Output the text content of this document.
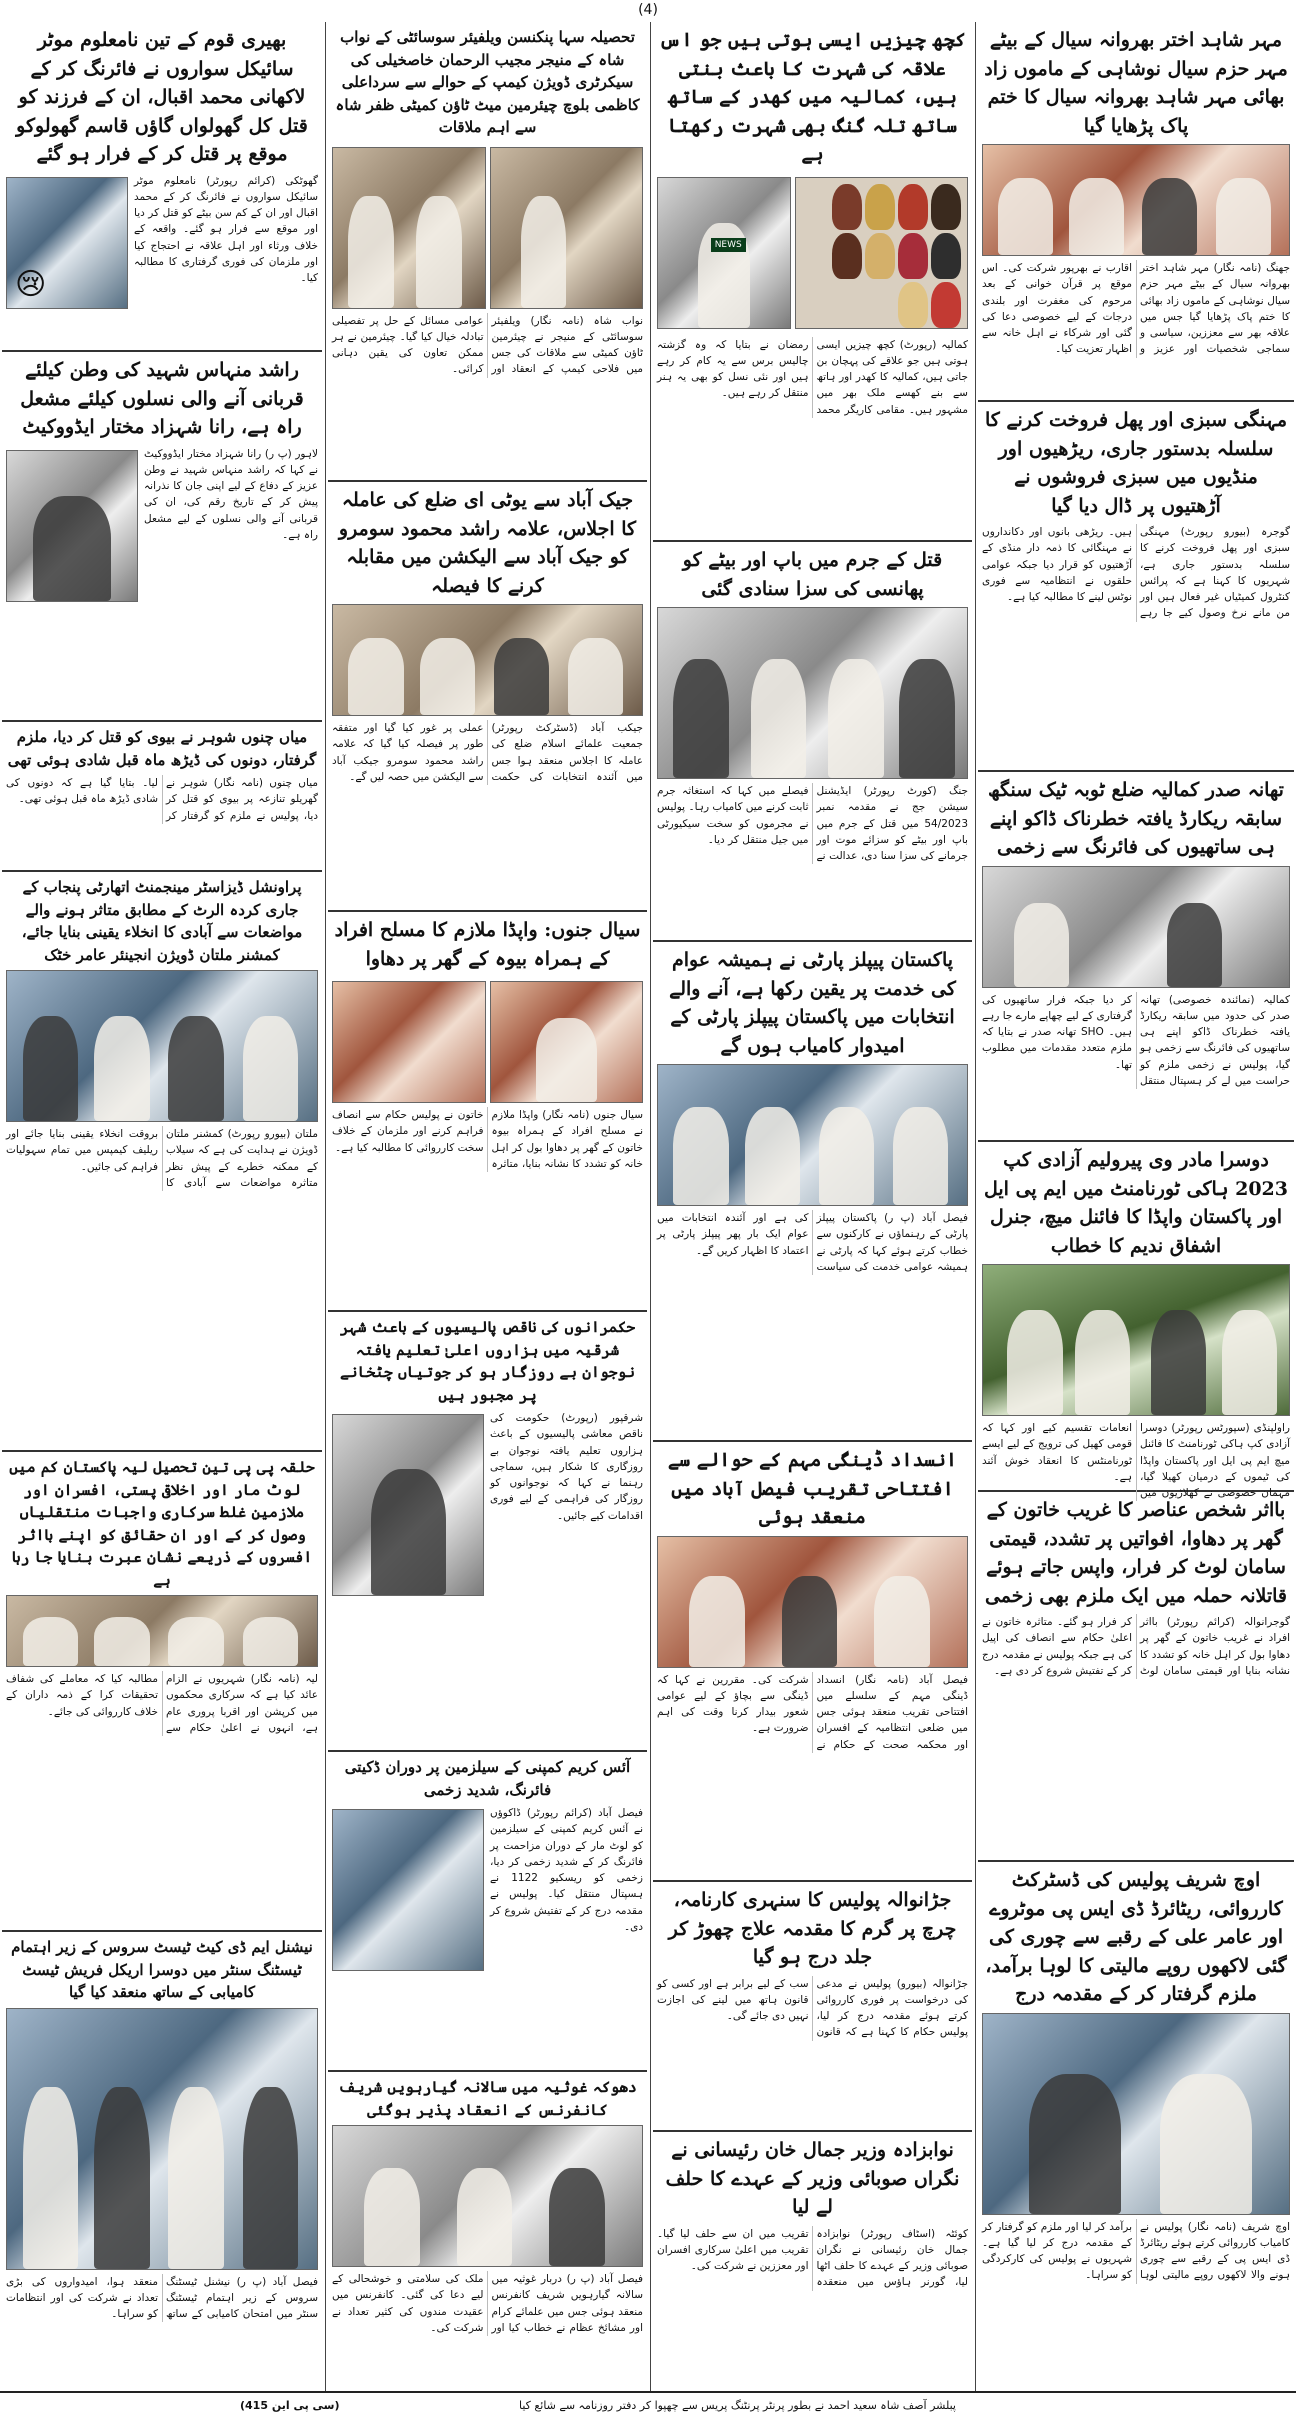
(4)
مہر شاہد اختر بھروانہ سیال کے بیٹے مہر حزم سیال نوشاہی کے ماموں زاد بھائی مہر شاہد بھروانہ سیال کا ختم پاک پڑھایا گیا
جھنگ (نامہ نگار) مہر شاہد اختر بھروانہ سیال کے بیٹے مہر حزم سیال نوشاہی کے ماموں زاد بھائی کا ختم پاک پڑھایا گیا جس میں علاقہ بھر سے معززین، سیاسی و سماجی شخصیات اور عزیز و اقارب نے بھرپور شرکت کی۔ اس موقع پر قرآن خوانی کے بعد مرحوم کی مغفرت اور بلندی درجات کے لیے خصوصی دعا کی گئی اور شرکاء نے اہل خانہ سے اظہار تعزیت کیا۔
مہنگی سبزی اور پھل فروخت کرنے کا سلسلہ بدستور جاری، ریڑھیوں اور منڈیوں میں سبزی فروشوں نے آڑھتیوں پر ڈال دیا گیا
گوجرہ (بیورو رپورٹ) مہنگی سبزی اور پھل فروخت کرنے کا سلسلہ بدستور جاری ہے، شہریوں کا کہنا ہے کہ پرائس کنٹرول کمیٹیاں غیر فعال ہیں اور من مانے نرخ وصول کیے جا رہے ہیں۔ ریڑھی بانوں اور دکانداروں نے مہنگائی کا ذمہ دار منڈی کے آڑھتیوں کو قرار دیا جبکہ عوامی حلقوں نے انتظامیہ سے فوری نوٹس لینے کا مطالبہ کیا ہے۔
تھانہ صدر کمالیہ ضلع ٹوبہ ٹیک سنگھ سابقہ ریکارڈ یافتہ خطرناک ڈاکو اپنے ہی ساتھیوں کی فائرنگ سے زخمی
کمالیہ (نمائندہ خصوصی) تھانہ صدر کی حدود میں سابقہ ریکارڈ یافتہ خطرناک ڈاکو اپنے ہی ساتھیوں کی فائرنگ سے زخمی ہو گیا، پولیس نے زخمی ملزم کو حراست میں لے کر ہسپتال منتقل کر دیا جبکہ فرار ساتھیوں کی گرفتاری کے لیے چھاپے مارے جا رہے ہیں۔ SHO تھانہ صدر نے بتایا کہ ملزم متعدد مقدمات میں مطلوب تھا۔
دوسرا مادر وی پیرولیم آزادی کپ 2023 ہاکی ٹورنامنٹ میں ایم پی ایل اور پاکستان واپڈا کا فائنل میچ، جنرل اشفاق ندیم کا خطاب
راولپنڈی (سپورٹس رپورٹر) دوسرا آزادی کپ ہاکی ٹورنامنٹ کا فائنل میچ ایم پی ایل اور پاکستان واپڈا کی ٹیموں کے درمیان کھیلا گیا، مہمان خصوصی نے کھلاڑیوں میں انعامات تقسیم کیے اور کہا کہ قومی کھیل کی ترویج کے لیے ایسے ٹورنامنٹس کا انعقاد خوش آئند ہے۔
بااثر شخص عناصر کا غریب خاتون کے گھر پر دھاوا، افواتیں پر تشدد، قیمتی سامان لوٹ کر فرار، واپس جاتے ہوئے قاتلانہ حملہ میں ایک ملزم بھی زخمی
گوجرانوالہ (کرائم رپورٹر) بااثر افراد نے غریب خاتون کے گھر پر دھاوا بول کر اہل خانہ کو تشدد کا نشانہ بنایا اور قیمتی سامان لوٹ کر فرار ہو گئے۔ متاثرہ خاتون نے اعلیٰ حکام سے انصاف کی اپیل کی ہے جبکہ پولیس نے مقدمہ درج کر کے تفتیش شروع کر دی ہے۔
اوچ شریف پولیس کی ڈسٹرکٹ کارروائی، ریٹائرڈ ڈی ایس پی موٹروے اور عامر علی کے رقبے سے چوری کی گئی لاکھوں روپے مالیتی کا لوہا برآمد، ملزم گرفتار کر کے مقدمہ درج
اوچ شریف (نامہ نگار) پولیس نے کامیاب کارروائی کرتے ہوئے ریٹائرڈ ڈی ایس پی کے رقبے سے چوری ہونے والا لاکھوں روپے مالیتی لوہا برآمد کر لیا اور ملزم کو گرفتار کر کے مقدمہ درج کر لیا گیا ہے۔ شہریوں نے پولیس کی کارکردگی کو سراہا۔
کچھ چیزیں ایسی ہوتی ہیں جو اس علاقہ کی شہرت کا باعث بنتی ہیں، کمالیہ میں کھدر کے ساتھ ساتھ تلہ گنگ بھی شہرت رکھتا ہے
NEWS
کمالیہ (رپورٹ) کچھ چیزیں ایسی ہوتی ہیں جو علاقے کی پہچان بن جاتی ہیں، کمالیہ کا کھدر اور ہاتھ سے بنے کھسے ملک بھر میں مشہور ہیں۔ مقامی کاریگر محمد رمضان نے بتایا کہ وہ گزشتہ چالیس برس سے یہ کام کر رہے ہیں اور نئی نسل کو بھی یہ ہنر منتقل کر رہے ہیں۔
قتل کے جرم میں باپ اور بیٹے کو پھانسی کی سزا سنادی گئی
جنگ (کورٹ رپورٹر) ایڈیشنل سیشن جج نے مقدمہ نمبر 54/2023 میں قتل کے جرم میں باپ اور بیٹے کو سزائے موت اور جرمانے کی سزا سنا دی، عدالت نے فیصلے میں کہا کہ استغاثہ جرم ثابت کرنے میں کامیاب رہا۔ پولیس نے مجرموں کو سخت سیکیورٹی میں جیل منتقل کر دیا۔
پاکستان پیپلز پارٹی نے ہمیشہ عوام کی خدمت پر یقین رکھا ہے، آنے والے انتخابات میں پاکستان پیپلز پارٹی کے امیدوار کامیاب ہوں گے
فیصل آباد (پ ر) پاکستان پیپلز پارٹی کے رہنماؤں نے کارکنوں سے خطاب کرتے ہوئے کہا کہ پارٹی نے ہمیشہ عوامی خدمت کی سیاست کی ہے اور آئندہ انتخابات میں عوام ایک بار پھر پیپلز پارٹی پر اعتماد کا اظہار کریں گے۔
انسداد ڈینگی مہم کے حوالے سے افتتاحی تقریب فیصل آباد میں منعقد ہوئی
فیصل آباد (نامہ نگار) انسداد ڈینگی مہم کے سلسلے میں افتتاحی تقریب منعقد ہوئی جس میں ضلعی انتظامیہ کے افسران اور محکمہ صحت کے حکام نے شرکت کی۔ مقررین نے کہا کہ ڈینگی سے بچاؤ کے لیے عوامی شعور بیدار کرنا وقت کی اہم ضرورت ہے۔
جڑانوالہ پولیس کا سنہری کارنامہ، چرچ پر گرم کا مقدمہ علاج چھوڑ کر جلد درج ہو گیا
جڑانوالہ (بیورو) پولیس نے مدعی کی درخواست پر فوری کارروائی کرتے ہوئے مقدمہ درج کر لیا، پولیس حکام کا کہنا ہے کہ قانون سب کے لیے برابر ہے اور کسی کو قانون ہاتھ میں لینے کی اجازت نہیں دی جائے گی۔
نوابزادہ وزیر جمال خان رئیسانی نے نگراں صوبائی وزیر کے عہدے کا حلف لے لیا
کوئٹہ (اسٹاف رپورٹر) نوابزادہ جمال خان رئیسانی نے نگران صوبائی وزیر کے عہدے کا حلف اٹھا لیا، گورنر ہاؤس میں منعقدہ تقریب میں ان سے حلف لیا گیا۔ تقریب میں اعلیٰ سرکاری افسران اور معززین نے شرکت کی۔
تحصیلہ سہا پنکنسن ویلفیئر سوسائٹی کے نواب شاہ کے منیجر مجیب الرحمان خاصخیلی کی سیکرٹری ڈویژن کیمپ کے حوالے سے سرداعلی کاظمی بلوچ چیئرمین میٹ ٹاؤن کمیٹی ظفر شاہ سے اہم ملاقات
نواب شاہ (نامہ نگار) ویلفیئر سوسائٹی کے منیجر نے چیئرمین ٹاؤن کمیٹی سے ملاقات کی جس میں فلاحی کیمپ کے انعقاد اور عوامی مسائل کے حل پر تفصیلی تبادلہ خیال کیا گیا۔ چیئرمین نے ہر ممکن تعاون کی یقین دہانی کرائی۔
جیک آباد سے یوٹی ای ضلع کی عاملہ کا اجلاس، علامہ راشد محمود سومرو کو جیک آباد سے الیکشن میں مقابلہ کرنے کا فیصلہ
جیکب آباد (ڈسٹرکٹ رپورٹر) جمعیت علمائے اسلام ضلع کی عاملہ کا اجلاس منعقد ہوا جس میں آئندہ انتخابات کی حکمت عملی پر غور کیا گیا اور متفقہ طور پر فیصلہ کیا گیا کہ علامہ راشد محمود سومرو جیکب آباد سے الیکشن میں حصہ لیں گے۔
سیال جنوں: واپڈا ملازم کا مسلح افراد کے ہمراہ بیوہ کے گھر پر دھاوا
سیال جنوں (نامہ نگار) واپڈا ملازم نے مسلح افراد کے ہمراہ بیوہ خاتون کے گھر پر دھاوا بول کر اہل خانہ کو تشدد کا نشانہ بنایا، متاثرہ خاتون نے پولیس حکام سے انصاف فراہم کرنے اور ملزمان کے خلاف سخت کارروائی کا مطالبہ کیا ہے۔
حکمرانوں کی ناقص پالیسیوں کے باعث شہر شرقیہ میں ہزاروں اعلیٰ تعلیم یافتہ نوجوان بے روزگار ہو کر جوتیاں چٹخانے پر مجبور ہیں
شرقپور (رپورٹ) حکومت کی ناقص معاشی پالیسیوں کے باعث ہزاروں تعلیم یافتہ نوجوان بے روزگاری کا شکار ہیں، سماجی رہنما نے کہا کہ نوجوانوں کو روزگار کی فراہمی کے لیے فوری اقدامات کیے جائیں۔
آئس کریم کمپنی کے سیلزمین پر دوران ڈکیتی فائرنگ، شدید زخمی
فیصل آباد (کرائم رپورٹر) ڈاکوؤں نے آئس کریم کمپنی کے سیلزمین کو لوٹ مار کے دوران مزاحمت پر فائرنگ کر کے شدید زخمی کر دیا، زخمی کو ریسکیو 1122 نے ہسپتال منتقل کیا۔ پولیس نے مقدمہ درج کر کے تفتیش شروع کر دی۔
دھوکہ غوثیہ میں سالانہ گیارہویں شریف کانفرنس کے انعقاد پذیر ہوگئی
فیصل آباد (پ ر) دربار غوثیہ میں سالانہ گیارہویں شریف کانفرنس منعقد ہوئی جس میں علمائے کرام اور مشائخ عظام نے خطاب کیا اور ملک کی سلامتی و خوشحالی کے لیے دعا کی گئی۔ کانفرنس میں عقیدت مندوں کی کثیر تعداد نے شرکت کی۔
بھیری قوم کے تین نامعلوم موٹر سائیکل سواروں نے فائرنگ کر کے لاکھانی محمد اقبال، ان کے فرزند کو قتل کل گھولواں گاؤں قاسم گھولوکو موقع پر قتل کر کے فرار ہو گئے
گھوٹکی (کرائم رپورٹر) نامعلوم موٹر سائیکل سواروں نے فائرنگ کر کے محمد اقبال اور ان کے کم سن بیٹے کو قتل کر دیا اور موقع سے فرار ہو گئے۔ واقعہ کے خلاف ورثاء اور اہل علاقہ نے احتجاج کیا اور ملزمان کی فوری گرفتاری کا مطالبہ کیا۔
😢
راشد منہاس شہید کی وطن کیلئے قربانی آنے والی نسلوں کیلئے مشعل راہ ہے، رانا شہزاد مختار ایڈووکیٹ
لاہور (پ ر) رانا شہزاد مختار ایڈووکیٹ نے کہا کہ راشد منہاس شہید نے وطن عزیز کے دفاع کے لیے اپنی جان کا نذرانہ پیش کر کے تاریخ رقم کی، ان کی قربانی آنے والی نسلوں کے لیے مشعل راہ ہے۔
میاں چنوں شوہر نے بیوی کو قتل کر دیا، ملزم گرفتار، دونوں کی ڈیڑھ ماہ قبل شادی ہوئی تھی
میاں چنوں (نامہ نگار) شوہر نے گھریلو تنازعہ پر بیوی کو قتل کر دیا، پولیس نے ملزم کو گرفتار کر لیا۔ بتایا گیا ہے کہ دونوں کی شادی ڈیڑھ ماہ قبل ہوئی تھی۔
پراونشل ڈیزاسٹر مینجمنٹ اتھارٹی پنجاب کے جاری کردہ الرٹ کے مطابق متاثر ہونے والے مواضعات سے آبادی کا انخلاء یقینی بنایا جائے، کمشنر ملتان ڈویژن انجینئر عامر خٹک
ملتان (بیورو رپورٹ) کمشنر ملتان ڈویژن نے ہدایت کی ہے کہ سیلاب کے ممکنہ خطرے کے پیش نظر متاثرہ مواضعات سے آبادی کا بروقت انخلاء یقینی بنایا جائے اور ریلیف کیمپس میں تمام سہولیات فراہم کی جائیں۔
حلقہ پی پی تین تحصیل لیہ پاکستان کم میں لوٹ مار اور اخلاقی پستی، افسران اور ملازمین غلط سرکاری واجبات منتقلیاں وصول کر کے اور ان حقائق کو اپنے بااثر افسروں کے ذریعے نشان عبرت بنایا جا رہا ہے
لیہ (نامہ نگار) شہریوں نے الزام عائد کیا ہے کہ سرکاری محکموں میں کرپشن اور اقربا پروری عام ہے، انہوں نے اعلیٰ حکام سے مطالبہ کیا کہ معاملے کی شفاف تحقیقات کرا کے ذمہ داران کے خلاف کارروائی کی جائے۔
نیشنل ایم ڈی کیٹ ٹیسٹ سروس کے زیر اہتمام ٹیسٹنگ سنٹر میں دوسرا اریکل فریش ٹیسٹ کامیابی کے ساتھ منعقد کیا گیا
فیصل آباد (پ ر) نیشنل ٹیسٹنگ سروس کے زیر اہتمام ٹیسٹنگ سنٹر میں امتحان کامیابی کے ساتھ منعقد ہوا، امیدواروں کی بڑی تعداد نے شرکت کی اور انتظامات کو سراہا۔
پبلشر آصف شاہ سعید احمد نے بطور پرنٹر پرنٹنگ پریس سے چھپوا کر دفتر روزنامہ سے شائع کیا
(سی پی این 415)
